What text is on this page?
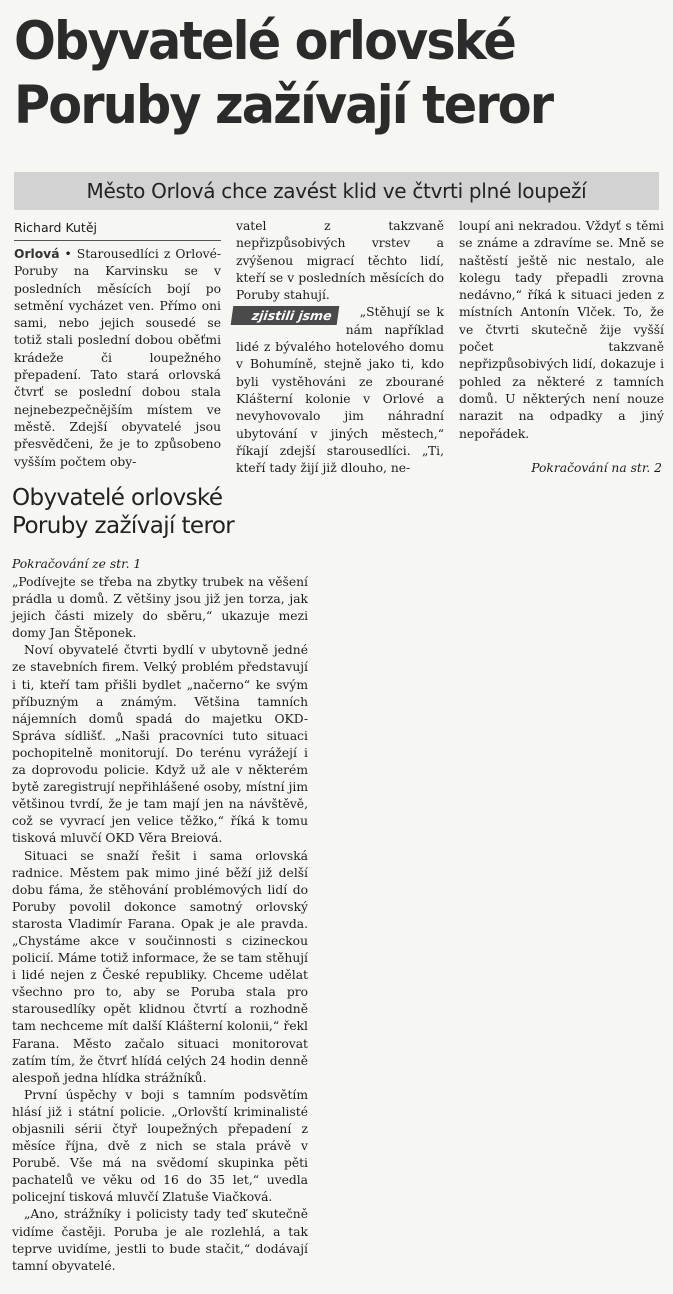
Obyvatelé orlovské
Poruby zažívají teror
Město Orlová chce zavést klid ve čtvrti plné loupeží
Richard Kutěj

Orlová • Starousedlíci z Orlové-Poruby na Karvinsku se v posledních měsících bojí po setmění vycházet ven. Přímo oni sami, nebo jejich sousedé se totiž stali poslední dobou oběťmi krádeže či loupežného přepadení. Tato stará orlovská čtvrť se poslední dobou stala nejnebezpečnějším místem ve městě. Zdejší obyvatelé jsou přesvědčeni, že je to způsobeno vyšším počtem oby-

vatel z takzvaně nepřizpůsobivých vrstev a zvýšenou migrací těchto lidí, kteří se v posledních měsících do Poruby stahují.

zjistili jsme	„Stěhují se k nám například lidé z bývalého hotelového domu v Bohumíně, stejně jako ti, kdo byli vystěhováni ze zbourané Klášterní kolonie v Orlové a nevyhovovalo jim náhradní ubytování v jiných městech,“ říkají zdejší starousedlíci. „Ti, kteří tady žijí již dlouho, ne-

loupí ani nekradou. Vždyť s těmi se známe a zdravíme se. Mně se naštěstí ještě nic nestalo, ale kolegu tady přepadli zrovna nedávno,“ říká k situaci jeden z místních Antonín Vlček. To, že ve čtvrti skutečně žije vyšší počet takzvaně nepřizpůsobivých lidí, dokazuje i pohled za některé z tamních domů. U některých není nouze narazit na odpadky a jiný nepořádek.

Pokračování na str. 2
Obyvatelé orlovské
Poruby zažívají teror
Pokračování ze str. 1

„Podívejte se třeba na zbytky trubek na věšení prádla u domů. Z většiny jsou již jen torza, jak jejich části mizely do sběru,“ ukazuje mezi domy Jan Štěponek.

Noví obyvatelé čtvrti bydlí v ubytovně jedné ze stavebních firem. Velký problém představují i ti, kteří tam přišli bydlet „načerno“ ke svým příbuzným a známým. Většina tamních nájemních domů spadá do majetku OKD-Správa sídlišť. „Naši pracovníci tuto situaci pochopitelně monitorují. Do terénu vyrážejí i za doprovodu policie. Když už ale v některém bytě zaregistrují nepřihlášené osoby, místní jim většinou tvrdí, že je tam mají jen na návštěvě, což se vyvrací jen velice těžko,“ říká k tomu tisková mluvčí OKD Věra Breiová.

Situaci se snaží řešit i sama orlovská radnice. Městem pak mimo jiné běží již delší dobu fáma, že stěhování problémových lidí do Poruby povolil dokonce samotný orlovský starosta Vladimír Farana. Opak je ale pravda. „Chystáme akce v součinnosti s cizineckou policií. Máme totiž informace, že se tam stěhují i lidé nejen z České republiky. Chceme udělat všechno pro to, aby se Poruba stala pro starousedlíky opět klidnou čtvrtí a rozhodně tam nechceme mít další Klášterní kolonii,“ řekl Farana. Město začalo situaci monitorovat zatím tím, že čtvrť hlídá celých 24 hodin denně alespoň jedna hlídka strážníků.

První úspěchy v boji s tamním podsvětím hlásí již i státní policie. „Orlovští kriminalisté objasnili sérii čtyř loupežných přepadení z měsíce října, dvě z nich se stala právě v Porubě. Vše má na svědomí skupinka pěti pachatelů ve věku od 16 do 35 let,“ uvedla policejní tisková mluvčí Zlatuše Viačková.

„Ano, strážníky i policisty tady teď skutečně vidíme častěji. Poruba je ale rozlehlá, a tak teprve uvidíme, jestli to bude stačit,“ dodávají tamní obyvatelé.
